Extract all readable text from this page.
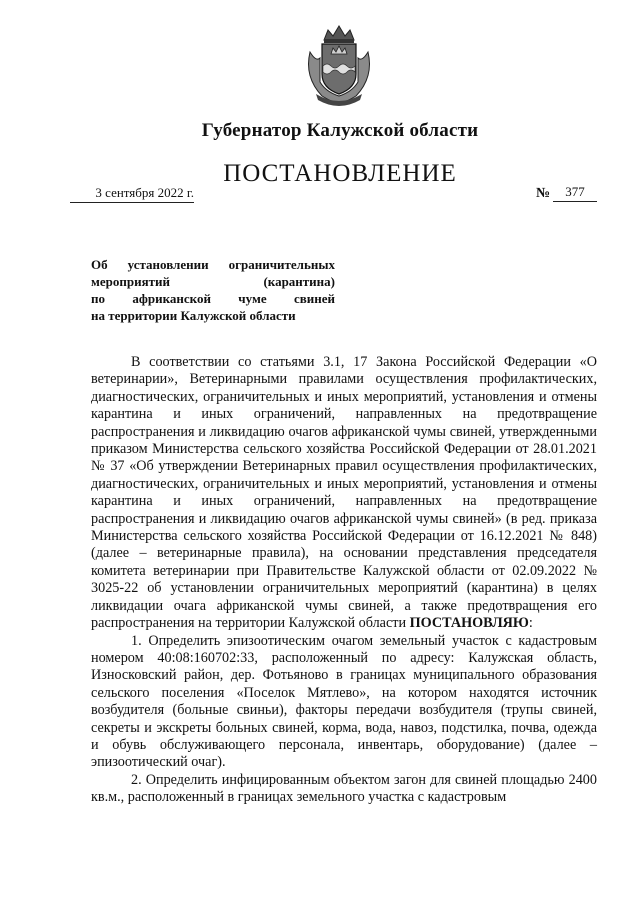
Губернатор Калужской области
ПОСТАНОВЛЕНИЕ
3 сентября 2022 г.	№	377
Об установлении ограничительных
мероприятий (карантина)
по африканской чуме свиней
на территории Калужской области

В соответствии со статьями 3.1, 17 Закона Российской Федерации «О ветеринарии», Ветеринарными правилами осуществления профилактических, диагностических, ограничительных и иных мероприятий, установления и отмены карантина и иных ограничений, направленных на предотвращение распространения и ликвидацию очагов африканской чумы свиней, утвержденными приказом Министерства сельского хозяйства Российской Федерации от 28.01.2021 № 37 «Об утверждении Ветеринарных правил осуществления профилактических, диагностических, ограничительных и иных мероприятий, установления и отмены карантина и иных ограничений, направленных на предотвращение распространения и ликвидацию очагов африканской чумы свиней» (в ред. приказа Министерства сельского хозяйства Российской Федерации от 16.12.2021 № 848) (далее – ветеринарные правила), на основании представления председателя комитета ветеринарии при Правительстве Калужской области от 02.09.2022 № 3025-22 об установлении ограничительных мероприятий (карантина) в целях ликвидации очага африканской чумы свиней, а также предотвращения его распространения на территории Калужской области ПОСТАНОВЛЯЮ:

1. Определить эпизоотическим очагом земельный участок с кадастровым номером 40:08:160702:33, расположенный по адресу: Калужская область, Износковский район, дер. Фотьяново в границах муниципального образования сельского поселения «Поселок Мятлево», на котором находятся источник возбудителя (больные свиньи), факторы передачи возбудителя (трупы свиней, секреты и экскреты больных свиней, корма, вода, навоз, подстилка, почва, одежда и обувь обслуживающего персонала, инвентарь, оборудование) (далее – эпизоотический очаг).

2. Определить инфицированным объектом загон для свиней площадью 2400 кв.м., расположенный в границах земельного участка с кадастровым
